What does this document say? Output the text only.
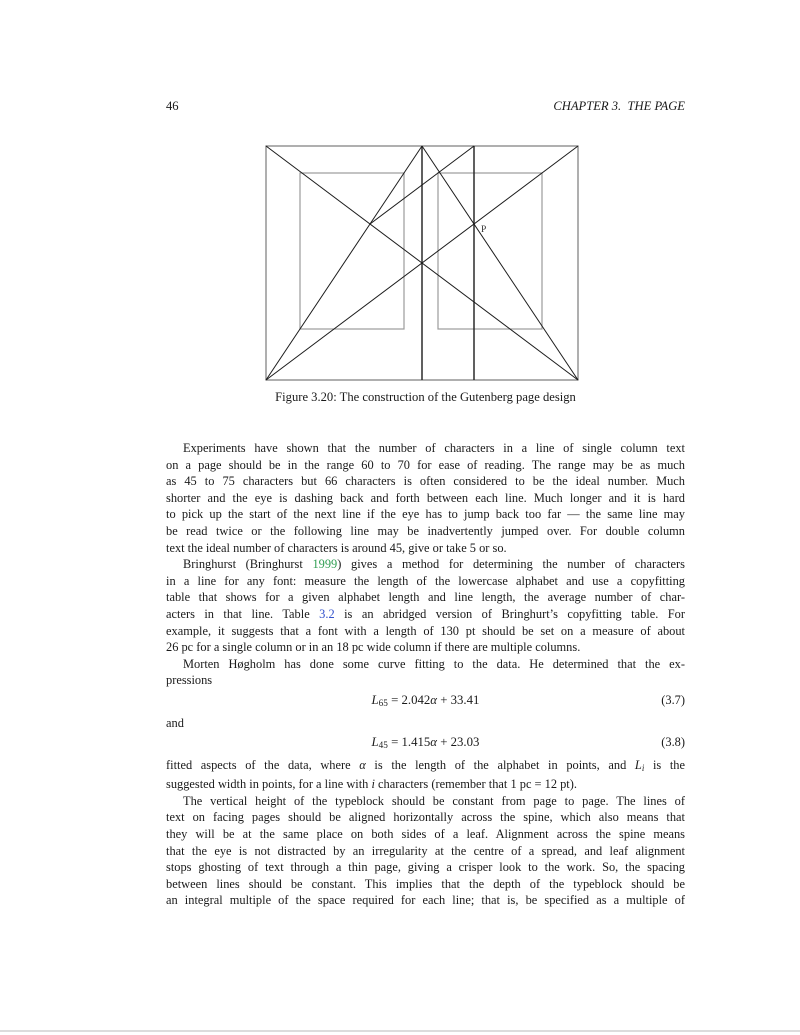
46	CHAPTER 3.  THE PAGE
P
Figure 3.20: The construction of the Gutenberg page design
Experiments have shown that the number of characters in a line of single column text
on a page should be in the range 60 to 70 for ease of reading. The range may be as much
as 45 to 75 characters but 66 characters is often considered to be the ideal number. Much
shorter and the eye is dashing back and forth between each line. Much longer and it is hard
to pick up the start of the next line if the eye has to jump back too far — the same line may
be read twice or the following line may be inadvertently jumped over. For double column
text the ideal number of characters is around 45, give or take 5 or so.
Bringhurst (Bringhurst 1999) gives a method for determining the number of characters
in a line for any font: measure the length of the lowercase alphabet and use a copyfitting
table that shows for a given alphabet length and line length, the average number of char-
acters in that line. Table 3.2 is an abridged version of Bringhurt’s copyfitting table. For
example, it suggests that a font with a length of 130 pt should be set on a measure of about
26 pc for a single column or in an 18 pc wide column if there are multiple columns.
Morten Høgholm has done some curve fitting to the data. He determined that the ex-
pressions
L65 = 2.042α + 33.41	(3.7)
and
L45 = 1.415α + 23.03	(3.8)
fitted aspects of the data, where α is the length of the alphabet in points, and Li is the
suggested width in points, for a line with i characters (remember that 1 pc = 12 pt).
The vertical height of the typeblock should be constant from page to page. The lines of
text on facing pages should be aligned horizontally across the spine, which also means that
they will be at the same place on both sides of a leaf. Alignment across the spine means
that the eye is not distracted by an irregularity at the centre of a spread, and leaf alignment
stops ghosting of text through a thin page, giving a crisper look to the work. So, the spacing
between lines should be constant. This implies that the depth of the typeblock should be
an integral multiple of the space required for each line; that is, be specified as a multiple of
